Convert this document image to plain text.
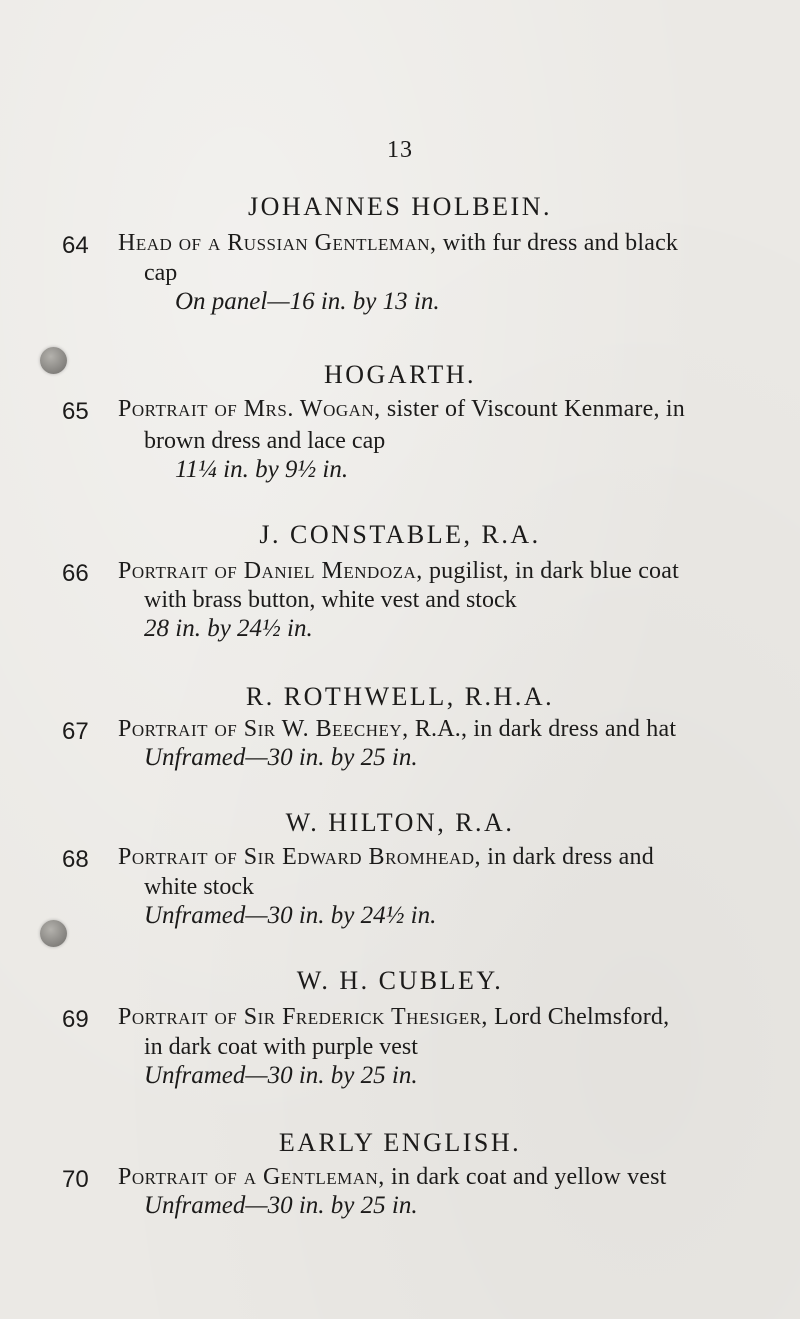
13
JOHANNES HOLBEIN.
64 Head of a Russian Gentleman, with fur dress and black
cap
On panel—16 in. by 13 in.
HOGARTH.
65 Portrait of Mrs. Wogan, sister of Viscount Kenmare, in
brown dress and lace cap
11¼ in. by 9½ in.
J. CONSTABLE, R.A.
66 Portrait of Daniel Mendoza, pugilist, in dark blue coat
with brass button, white vest and stock
28 in. by 24½ in.
R. ROTHWELL, R.H.A.
67 Portrait of Sir W. Beechey, R.A., in dark dress and hat
Unframed—30 in. by 25 in.
W. HILTON, R.A.
68 Portrait of Sir Edward Bromhead, in dark dress and
white stock
Unframed—30 in. by 24½ in.
W. H. CUBLEY.
69 Portrait of Sir Frederick Thesiger, Lord Chelmsford,
in dark coat with purple vest
Unframed—30 in. by 25 in.
EARLY ENGLISH.
70 Portrait of a Gentleman, in dark coat and yellow vest
Unframed—30 in. by 25 in.
